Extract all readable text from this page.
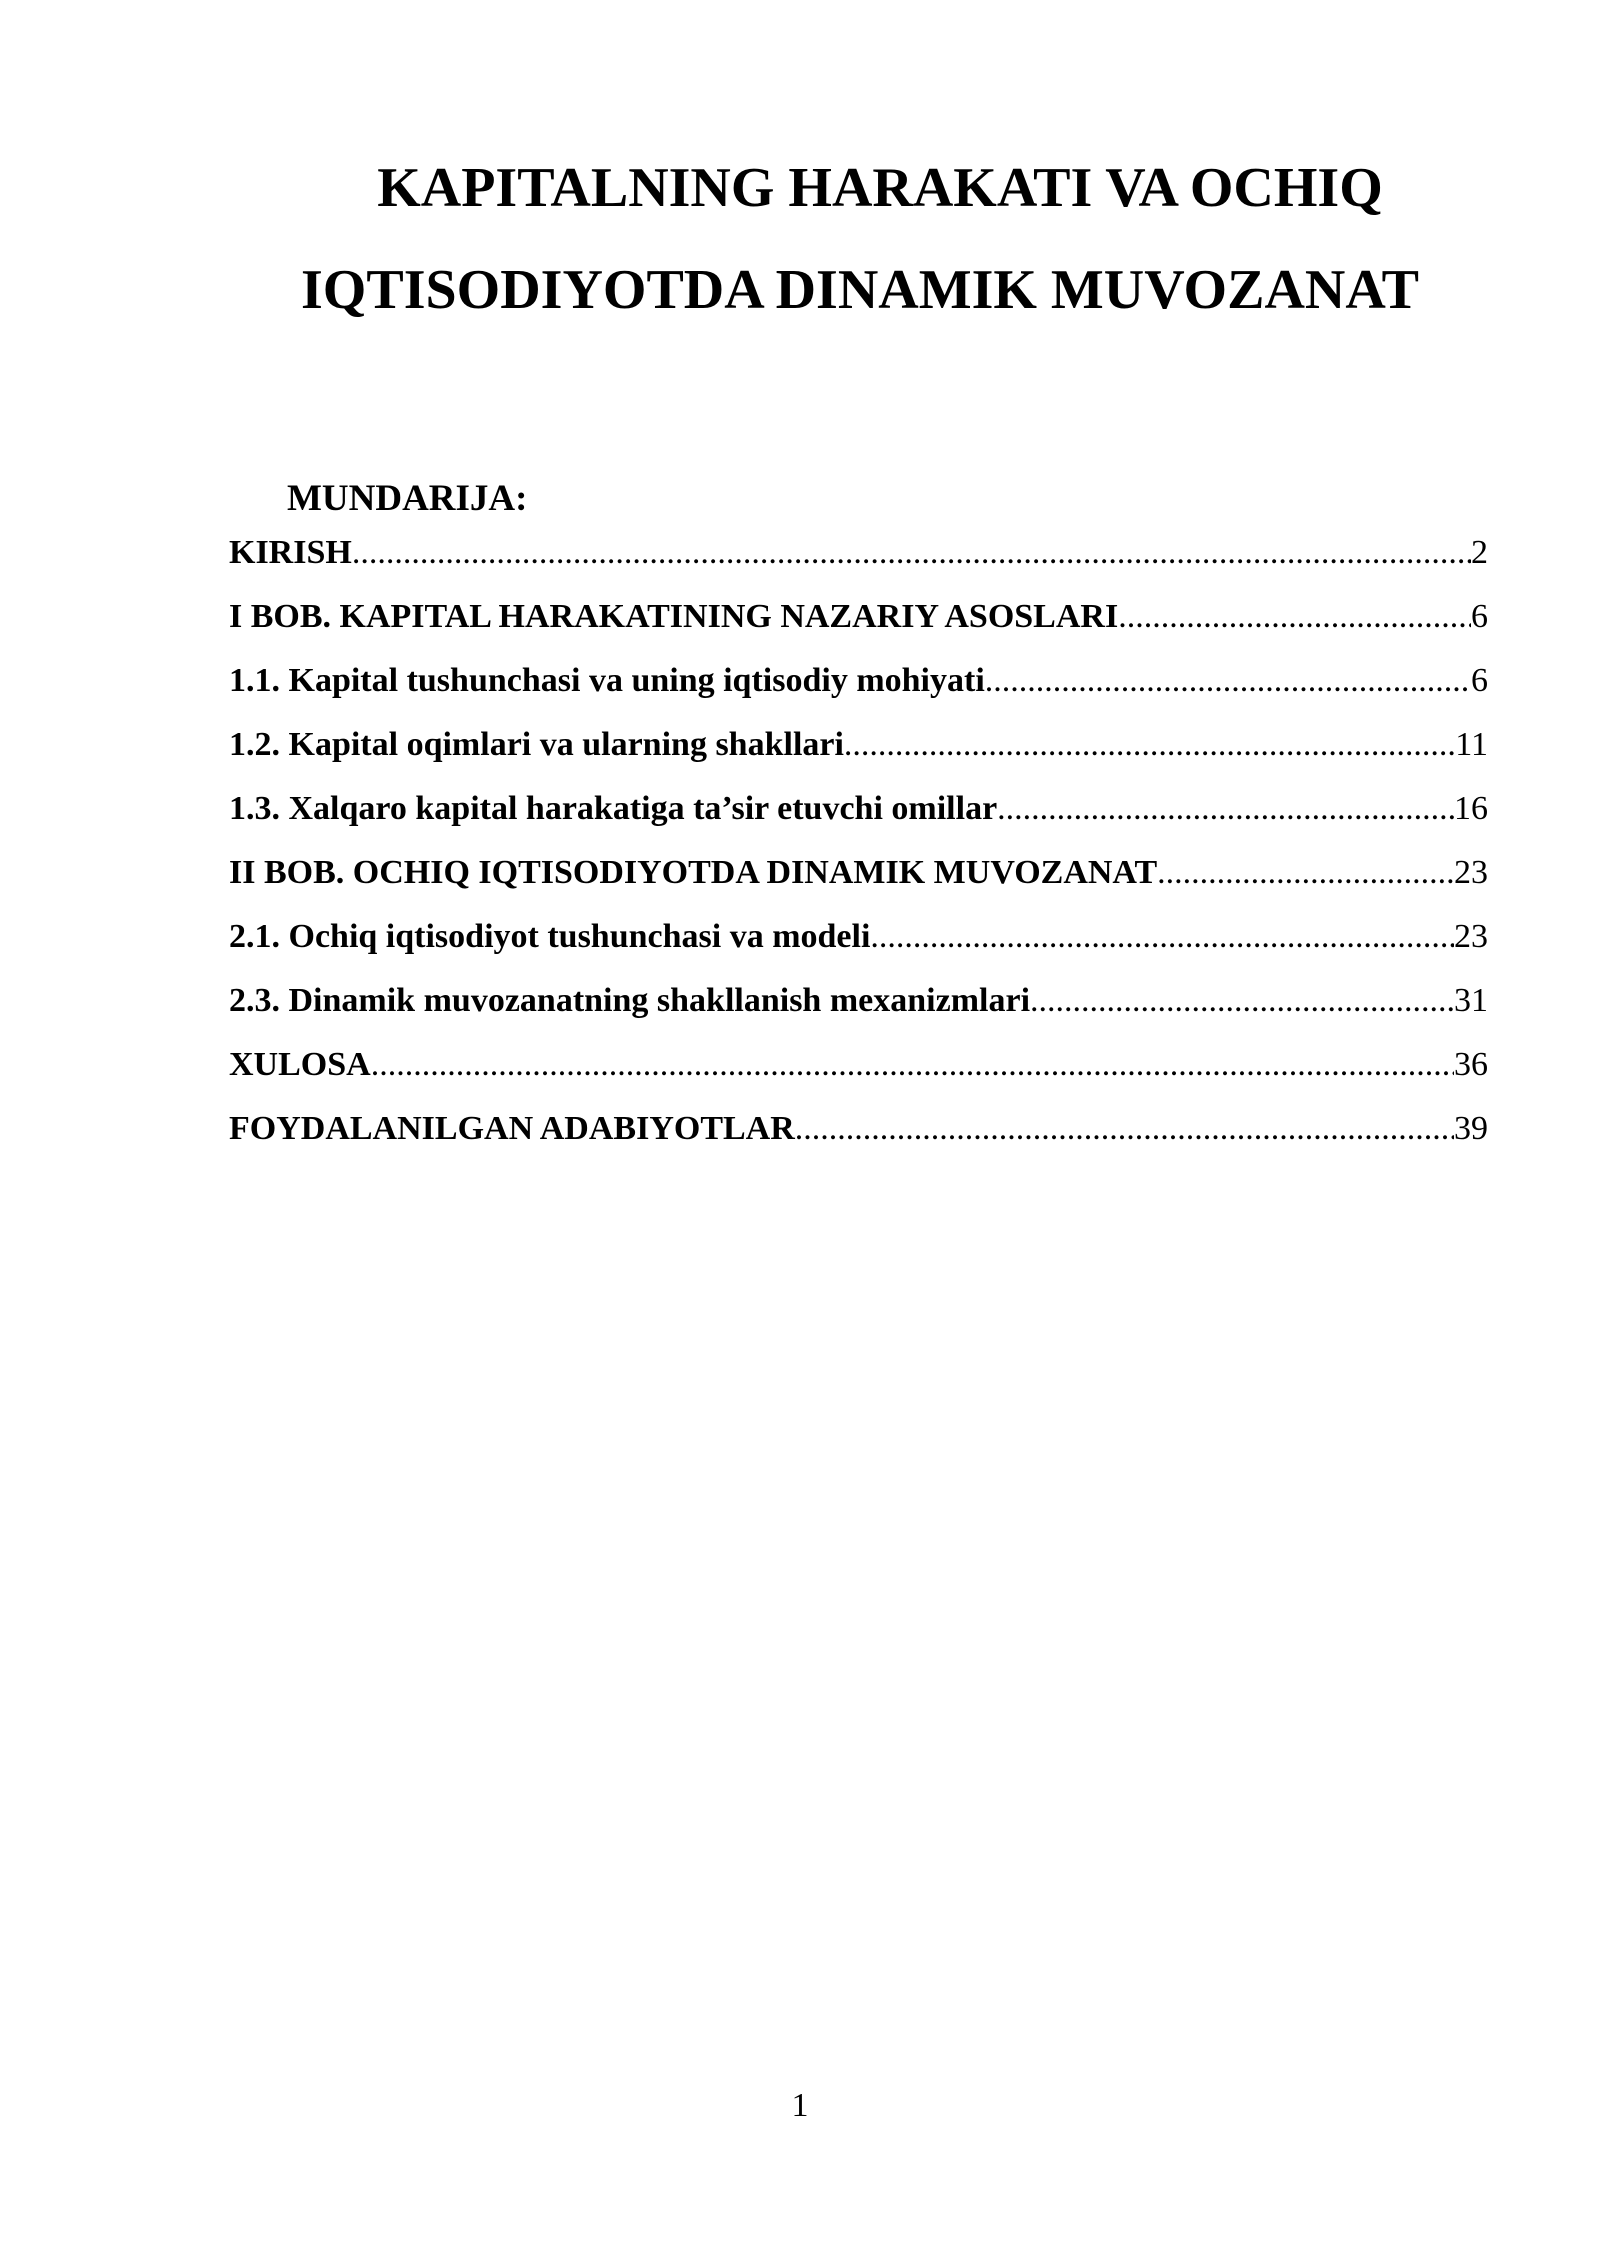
KAPITALNING HARAKATI VA OCHIQ
IQTISODIYOTDA DINAMIK MUVOZANAT
MUNDARIJA:
KIRISH .....	2
I BOB. KAPITAL HARAKATINING NAZARIY ASOSLARI .....	6
1.1. Kapital tushunchasi va uning iqtisodiy mohiyati .....	6
1.2. Kapital oqimlari va ularning shakllari .....	11
1.3. Xalqaro kapital harakatiga ta’sir etuvchi omillar .....	16
II BOB. OCHIQ IQTISODIYOTDA DINAMIK MUVOZANAT .....	23
2.1. Ochiq iqtisodiyot tushunchasi va modeli .....	23
2.3. Dinamik muvozanatning shakllanish mexanizmlari .....	31
XULOSA .....	36
FOYDALANILGAN ADABIYOTLAR .....	39
1
